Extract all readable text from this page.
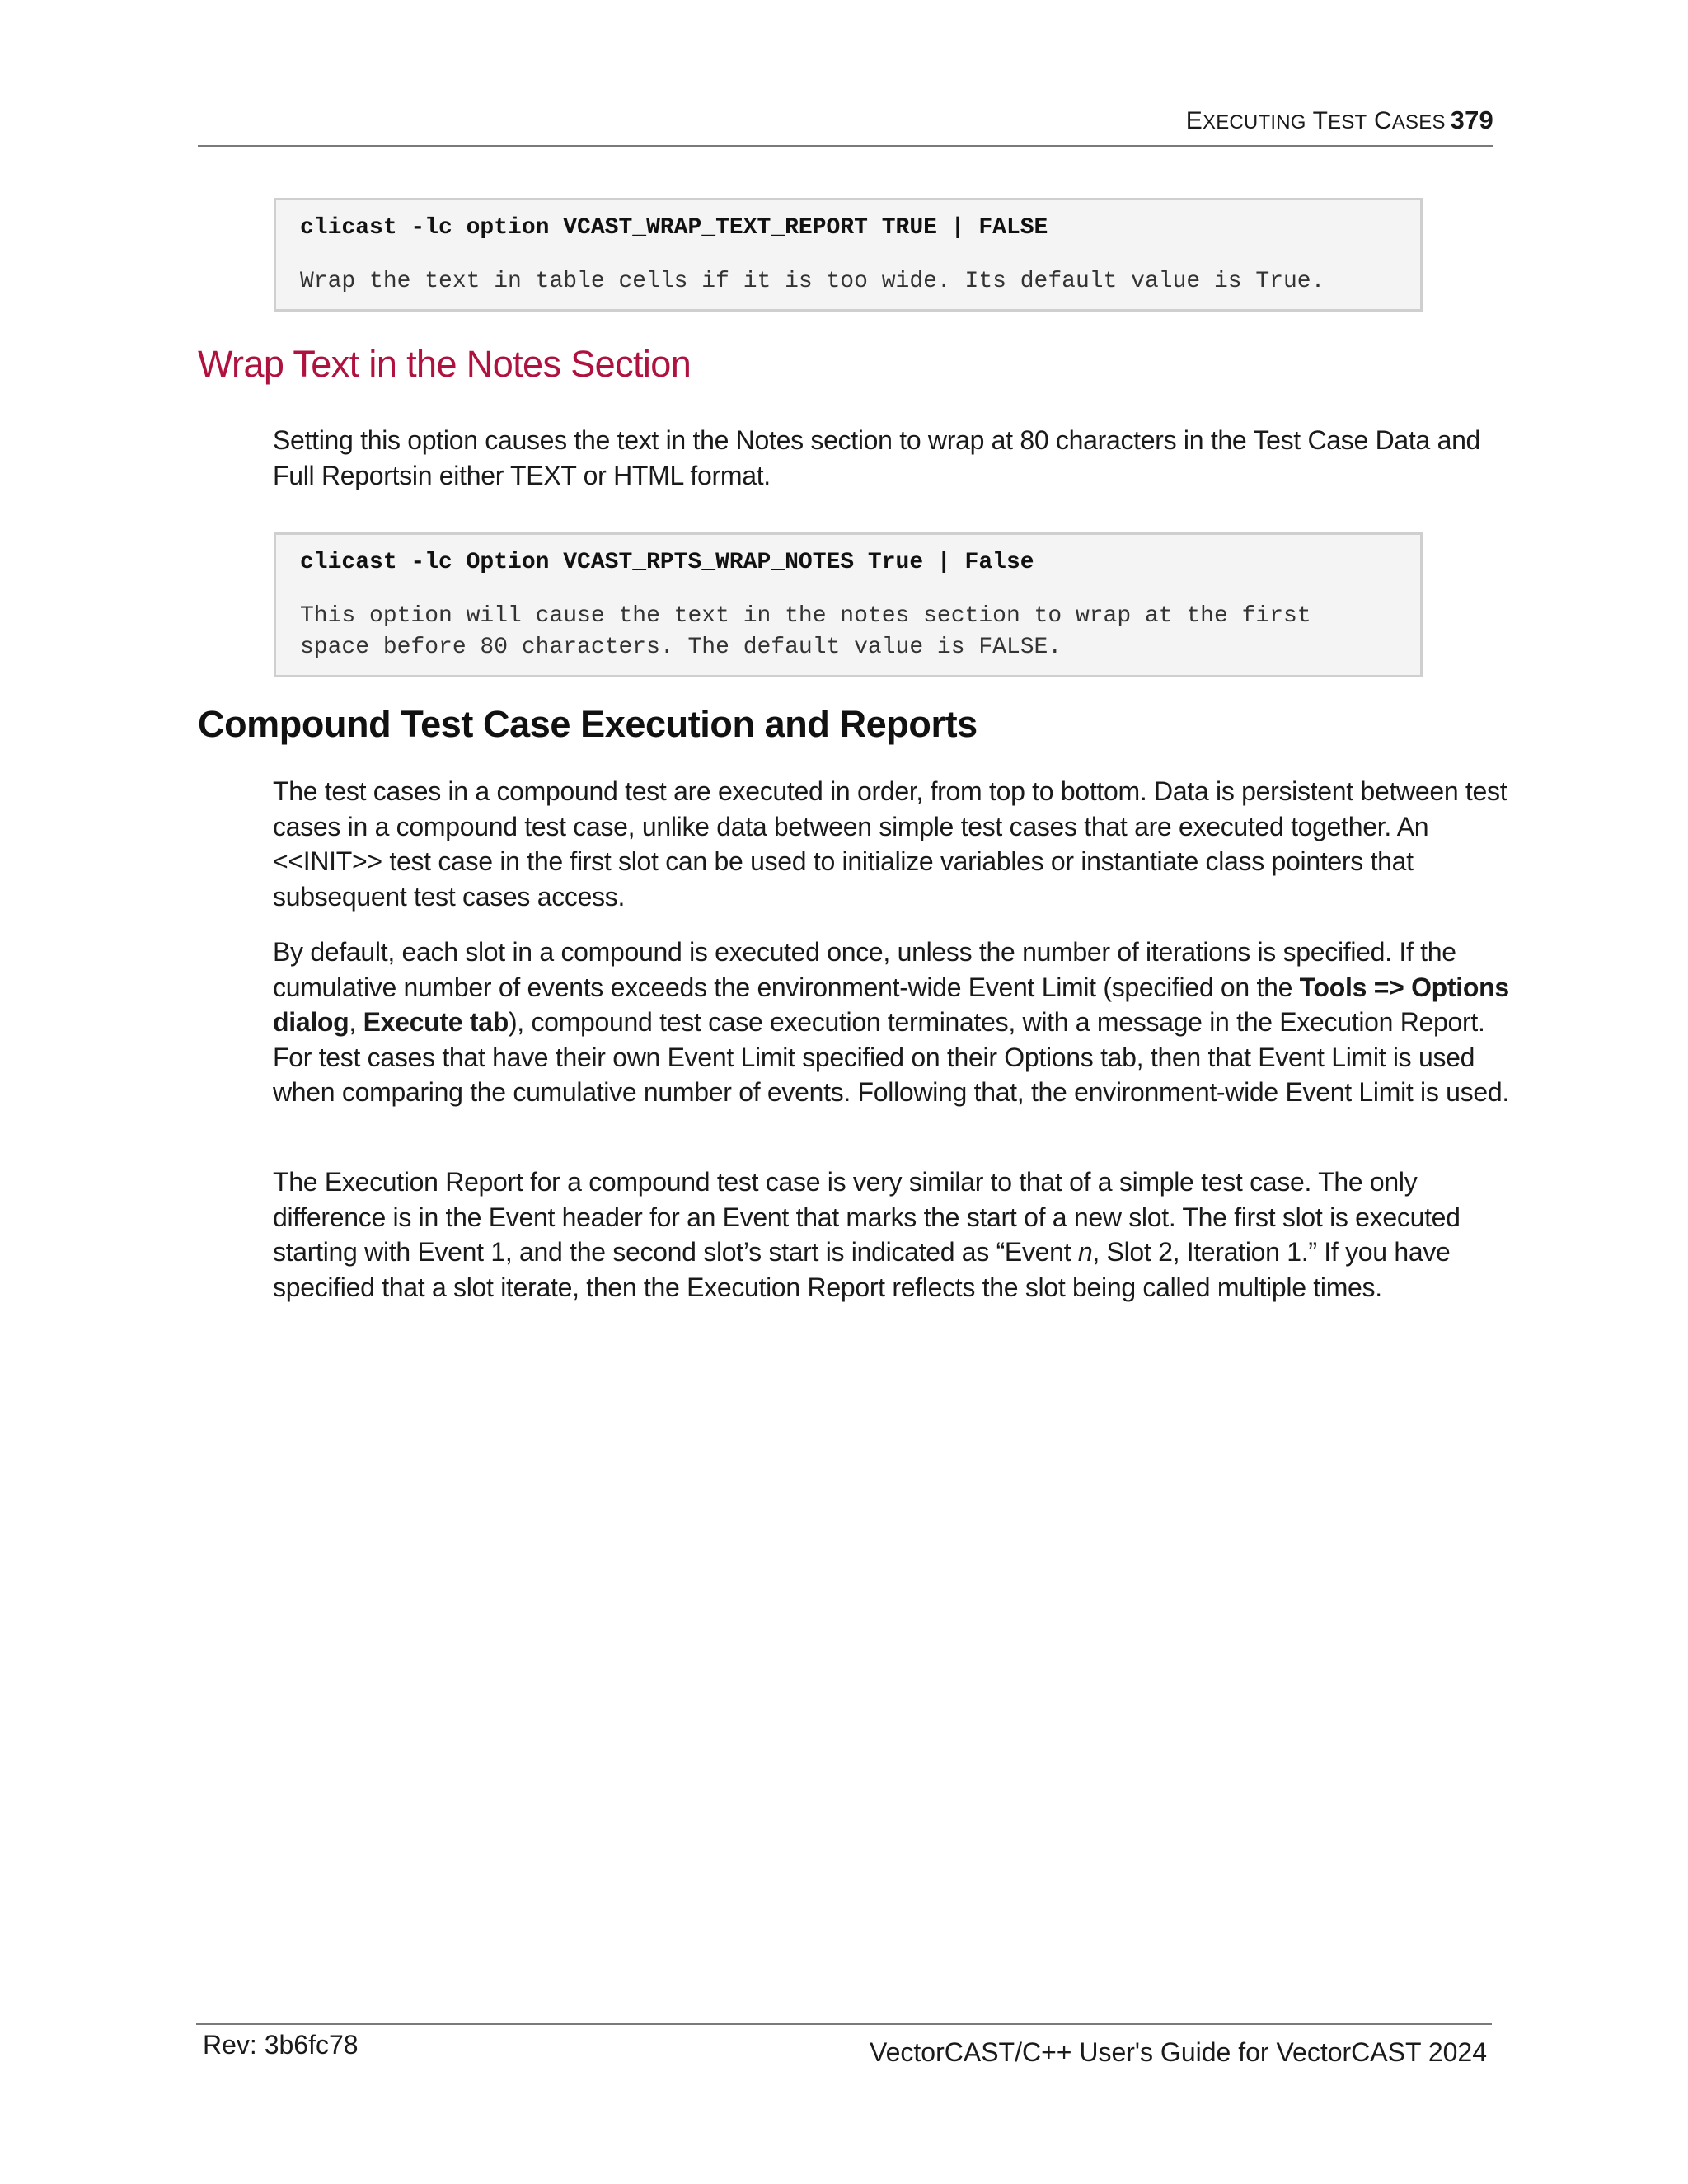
EXECUTING TEST CASES 379
clicast -lc option VCAST_WRAP_TEXT_REPORT TRUE | FALSE
Wrap the text in table cells if it is too wide. Its default value is True.
Wrap Text in the Notes Section

Setting this option causes the text in the Notes section to wrap at 80 characters in the Test Case Data and Full Reportsin either TEXT or HTML format.

clicast -lc Option VCAST_RPTS_WRAP_NOTES True | False
This option will cause the text in the notes section to wrap at the first
space before 80 characters. The default value is FALSE.
Compound Test Case Execution and Reports

The test cases in a compound test are executed in order, from top to bottom. Data is persistent between test cases in a compound test case, unlike data between simple test cases that are executed together. An <<INIT>> test case in the first slot can be used to initialize variables or instantiate class pointers that subsequent test cases access.

By default, each slot in a compound is executed once, unless the number of iterations is specified. If the cumulative number of events exceeds the environment-wide Event Limit (specified on the Tools => Options dialog, Execute tab), compound test case execution terminates, with a message in the Execution Report. For test cases that have their own Event Limit specified on their Options tab, then that Event Limit is used when comparing the cumulative number of events. Following that, the environment-wide Event Limit is used.

The Execution Report for a compound test case is very similar to that of a simple test case. The only difference is in the Event header for an Event that marks the start of a new slot. The first slot is executed starting with Event 1, and the second slot’s start is indicated as “Event n, Slot 2, Iteration 1.” If you have specified that a slot iterate, then the Execution Report reflects the slot being called multiple times.

Rev: 3b6fc78	VectorCAST/C++ User's Guide for VectorCAST 2024
